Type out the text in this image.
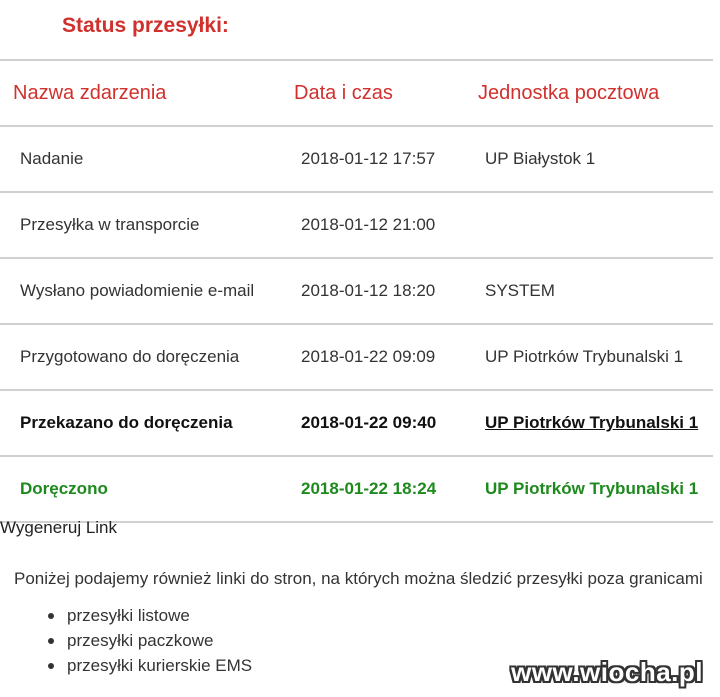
Status przesyłki:
Nazwa zdarzenia	Data i czas	Jednostka pocztowa
Nadanie	2018-01-12 17:57	UP Białystok 1
Przesyłka w transporcie	2018-01-12 21:00
Wysłano powiadomienie e-mail	2018-01-12 18:20	SYSTEM
Przygotowano do doręczenia	2018-01-22 09:09	UP Piotrków Trybunalski 1
Przekazano do doręczenia	2018-01-22 09:40	UP Piotrków Trybunalski 1
Doręczono	2018-01-22 18:24	UP Piotrków Trybunalski 1
Wygeneruj Link
Poniżej podajemy również linki do stron, na których można śledzić przesyłki poza granicami
przesyłki listowe
przesyłki paczkowe
przesyłki kurierskie EMS	www.wiocha.pl
